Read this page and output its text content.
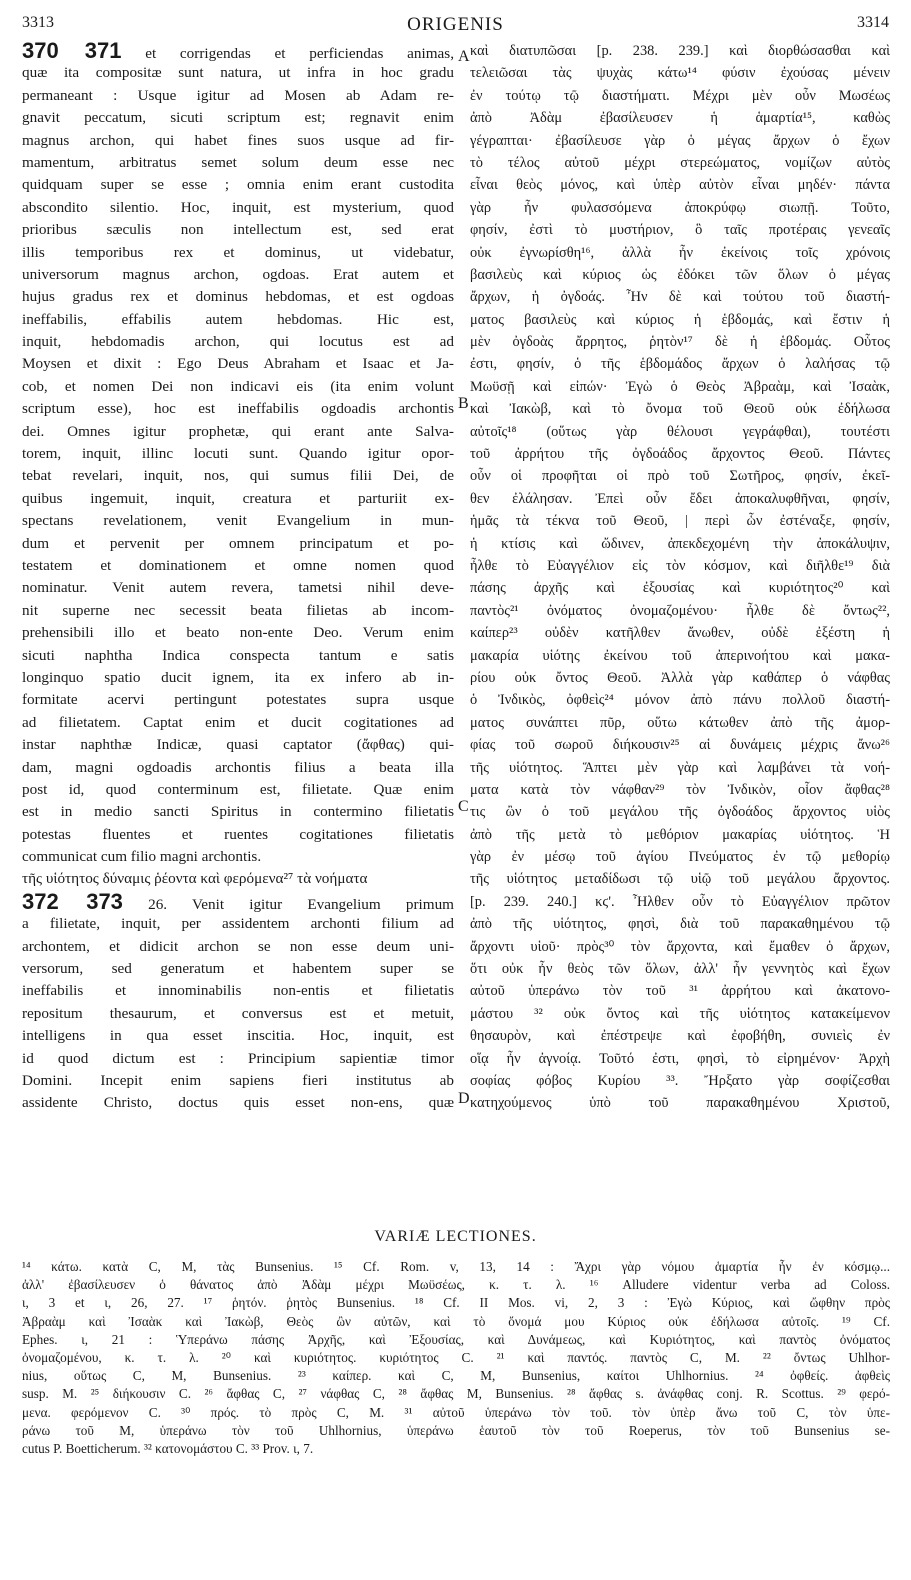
3313	ORIGENIS	3314
370 371 et corrigendas et perficiendas animas,
quæ ita compositæ sunt natura, ut infra in hoc gradu
permaneant : Usque igitur ad Mosen ab Adam re-
gnavit peccatum, sicuti scriptum est; regnavit enim
magnus archon, qui habet fines suos usque ad fir-
mamentum, arbitratus semet solum deum esse nec
quidquam super se esse ; omnia enim erant custodita
abscondito silentio. Hoc, inquit, est mysterium, quod
prioribus sæculis non intellectum est, sed erat
illis temporibus rex et dominus, ut videbatur,
universorum magnus archon, ogdoas. Erat autem et
hujus gradus rex et dominus hebdomas, et est ogdoas
ineffabilis, effabilis autem hebdomas. Hic est,
inquit, hebdomadis archon, qui locutus est ad
Moysen et dixit : Ego Deus Abraham et Isaac et Ja-
cob, et nomen Dei non indicavi eis (ita enim volunt
scriptum esse), hoc est ineffabilis ogdoadis archontis
dei. Omnes igitur prophetæ, qui erant ante Salva-
torem, inquit, illinc locuti sunt. Quando igitur opor-
tebat revelari, inquit, nos, qui sumus filii Dei, de
quibus ingemuit, inquit, creatura et parturiit ex-
spectans revelationem, venit Evangelium in mun-
dum et pervenit per omnem principatum et po-
testatem et dominationem et omne nomen quod
nominatur. Venit autem revera, tametsi nihil deve-
nit superne nec secessit beata filietas ab incom-
prehensibili illo et beato non-ente Deo. Verum enim
sicuti naphtha Indica conspecta tantum e satis
longinquo spatio ducit ignem, ita ex infero ab in-
formitate acervi pertingunt potestates supra usque
ad filietatem. Captat enim et ducit cogitationes ad
instar naphthæ Indicæ, quasi captator (ἄφθας) qui-
dam, magni ogdoadis archontis filius a beata illa
post id, quod conterminum est, filietate. Quæ enim
est in medio sancti Spiritus in contermino filietatis
potestas fluentes et ruentes cogitationes filietatis
communicat cum filio magni archontis.
τῆς υἱότητος δύναμις ῥέοντα καὶ φερόμενα²⁷ τὰ νοήματα
372 373 26. Venit igitur Evangelium primum
a filietate, inquit, per assidentem archonti filium ad
archontem, et didicit archon se non esse deum uni-
versorum, sed generatum et habentem super se
ineffabilis et innominabilis non-entis et filietatis
repositum thesaurum, et conversus est et metuit,
intelligens in qua esset inscitia. Hoc, inquit, est
id quod dictum est : Principium sapientiæ timor
Domini. Incepit enim sapiens fieri institutus ab
assidente Christo, doctus quis esset non-ens, quæ
καὶ διατυπῶσαι [p. 238. 239.] καὶ διορθώσασθαι καὶ
τελειῶσαι τὰς ψυχὰς κάτω¹⁴ φύσιν ἐχούσας μένειν
ἐν τούτῳ τῷ διαστήματι. Μέχρι μὲν οὖν Μωσέως
ἀπὸ Ἀδὰμ ἐβασίλευσεν ἡ ἁμαρτία¹⁵, καθὼς
γέγραπται· ἐβασίλευσε γὰρ ὁ μέγας ἄρχων ὁ ἔχων
τὸ τέλος αὐτοῦ μέχρι στερεώματος, νομίζων αὐτὸς
εἶναι θεὸς μόνος, καὶ ὑπὲρ αὐτὸν εἶναι μηδέν· πάντα
γὰρ ἦν φυλασσόμενα ἀποκρύφῳ σιωπῇ. Τοῦτο,
φησίν, ἐστὶ τὸ μυστήριον, ὃ ταῖς προτέραις γενεαῖς
οὐκ ἐγνωρίσθη¹⁶, ἀλλὰ ἦν ἐκείνοις τοῖς χρόνοις
βασιλεὺς καὶ κύριος ὡς ἐδόκει τῶν ὅλων ὁ μέγας
ἄρχων, ἡ ὀγδοάς. Ἦν δὲ καὶ τούτου τοῦ διαστή-
ματος βασιλεὺς καὶ κύριος ἡ ἑβδομάς, καὶ ἔστιν ἡ
μὲν ὀγδοὰς ἄρρητος, ῥητὸν¹⁷ δὲ ἡ ἑβδομάς. Οὗτος
ἐστι, φησίν, ὁ τῆς ἑβδομάδος ἄρχων ὁ λαλήσας τῷ
Μωϋσῇ καὶ εἰπών· Ἐγὼ ὁ Θεὸς Ἀβραὰμ, καὶ Ἰσαὰκ,
καὶ Ἰακὼβ, καὶ τὸ ὄνομα τοῦ Θεοῦ οὐκ ἐδήλωσα
αὐτοῖς¹⁸ (οὕτως γὰρ θέλουσι γεγράφθαι), τουτέστι
τοῦ ἀρρήτου τῆς ὀγδοάδος ἄρχοντος Θεοῦ. Πάντες
οὖν οἱ προφῆται οἱ πρὸ τοῦ Σωτῆρος, φησίν, ἐκεῖ-
θεν ἐλάλησαν. Ἐπεὶ οὖν ἔδει ἀποκαλυφθῆναι, φησίν,
ἡμᾶς τὰ τέκνα τοῦ Θεοῦ, | περὶ ὧν ἐστέναξε, φησίν,
ἡ κτίσις καὶ ὤδινεν, ἀπεκδεχομένη τὴν ἀποκάλυψιν,
ἦλθε τὸ Εὐαγγέλιον εἰς τὸν κόσμον, καὶ διῆλθε¹⁹ διὰ
πάσης ἀρχῆς καὶ ἐξουσίας καὶ κυριότητος²⁰ καὶ
παντὸς²¹ ὀνόματος ὀνομαζομένου· ἦλθε δὲ ὄντως²²,
καίπερ²³ οὐδὲν κατῆλθεν ἄνωθεν, οὐδὲ ἐξέστη ἡ
μακαρία υἱότης ἐκείνου τοῦ ἀπερινοήτου καὶ μακα-
ρίου οὐκ ὄντος Θεοῦ. Ἀλλὰ γὰρ καθάπερ ὁ νάφθας
ὁ Ἰνδικὸς, ὀφθεὶς²⁴ μόνον ἀπὸ πάνυ πολλοῦ διαστή-
ματος συνάπτει πῦρ, οὕτω κάτωθεν ἀπὸ τῆς ἀμορ-
φίας τοῦ σωροῦ διήκουσιν²⁵ αἱ δυνάμεις μέχρις ἄνω²⁶
τῆς υἱότητος. Ἅπτει μὲν γὰρ καὶ λαμβάνει τὰ νοή-
ματα κατὰ τὸν νάφθαν²⁹ τὸν Ἰνδικὸν, οἷον ἄφθας²⁸
τις ὢν ὁ τοῦ μεγάλου τῆς ὀγδοάδος ἄρχοντος υἱὸς
ἀπὸ τῆς μετὰ τὸ μεθόριον μακαρίας υἱότητος. Ἡ
γὰρ ἐν μέσῳ τοῦ ἁγίου Πνεύματος ἐν τῷ μεθορίῳ
τῆς υἱότητος μεταδίδωσι τῷ υἱῷ τοῦ μεγάλου ἄρχοντος.
[p. 239. 240.] κϛ'. Ἦλθεν οὖν τὸ Εὐαγγέλιον πρῶτον
ἀπὸ τῆς υἱότητος, φησὶ, διὰ τοῦ παρακαθημένου τῷ
ἄρχοντι υἱοῦ· πρὸς³⁰ τὸν ἄρχοντα, καὶ ἔμαθεν ὁ ἄρχων,
ὅτι οὐκ ἦν θεὸς τῶν ὅλων, ἀλλ' ἦν γεννητὸς καὶ ἔχων
αὐτοῦ ὑπεράνω τὸν τοῦ ³¹ ἀρρήτου καὶ ἀκατονο-
μάστου ³² οὐκ ὄντος καὶ τῆς υἱότητος κατακείμενον
θησαυρὸν, καὶ ἐπέστρεψε καὶ ἐφοβήθη, συνιεὶς ἐν
οἵᾳ ἦν ἀγνοίᾳ. Τοῦτό ἐστι, φησὶ, τὸ εἰρημένον· Ἀρχὴ
σοφίας φόβος Κυρίου ³³. Ἤρξατο γὰρ σοφίζεσθαι
κατηχούμενος ὑπὸ τοῦ παρακαθημένου Χριστοῦ,
A
B
C
D
VARIÆ LECTIONES.
¹⁴ κάτω. κατὰ C, M, τὰς Bunsenius. ¹⁵ Cf. Rom. v, 13, 14 : Ἄχρι γὰρ νόμου ἁμαρτία ἦν ἐν κόσμῳ...
ἀλλ' ἐβασίλευσεν ὁ θάνατος ἀπὸ Ἀδὰμ μέχρι Μωϋσέως, κ. τ. λ. ¹⁶ Alludere videntur verba ad Coloss.
ι, 3 et ι, 26, 27. ¹⁷ ῥητόν. ῥητὸς Bunsenius. ¹⁸ Cf. II Mos. vi, 2, 3 : Ἐγὼ Κύριος, καὶ ὤφθην πρὸς
Ἀβραὰμ καὶ Ἰσαὰκ καὶ Ἰακὼβ, Θεὸς ὢν αὐτῶν, καὶ τὸ ὄνομά μου Κύριος οὐκ ἐδήλωσα αὐτοῖς. ¹⁹ Cf.
Ephes. ι, 21 : Ὑπεράνω πάσης Ἀρχῆς, καὶ Ἐξουσίας, καὶ Δυνάμεως, καὶ Κυριότητος, καὶ παντὸς ὀνόματος
ὀνομαζομένου, κ. τ. λ. ²⁰ καὶ κυριότητος. κυριότητος C. ²¹ καὶ παντός. παντὸς C, M. ²² ὄντως Uhlhor-
nius, οὕτως C, M, Bunsenius. ²³ καίπερ. καὶ C, M, Bunsenius, καίτοι Uhlhornius. ²⁴ ὀφθείς. ἀφθεὶς
susp. M. ²⁵ διήκουσιν C. ²⁶ ἄφθας C, ²⁷ νάφθας C, ²⁸ ἄφθας M, Bunsenius. ²⁸ ἄφθας s. ἀνάφθας conj. R. Scottus. ²⁹ φερό-
μενα. φερόμενον C. ³⁰ πρός. τὸ πρὸς C, M. ³¹ αὐτοῦ ὑπεράνω τὸν τοῦ. τὸν ὑπὲρ ἄνω τοῦ C, τὸν ὑπε-
ράνω τοῦ M, ὑπεράνω τὸν τοῦ Uhlhornius, ὑπεράνω ἑαυτοῦ τὸν τοῦ Roeperus, τὸν τοῦ Bunsenius se-
cutus P. Boetticherum. ³² κατονομάστου C. ³³ Prov. ι, 7.
